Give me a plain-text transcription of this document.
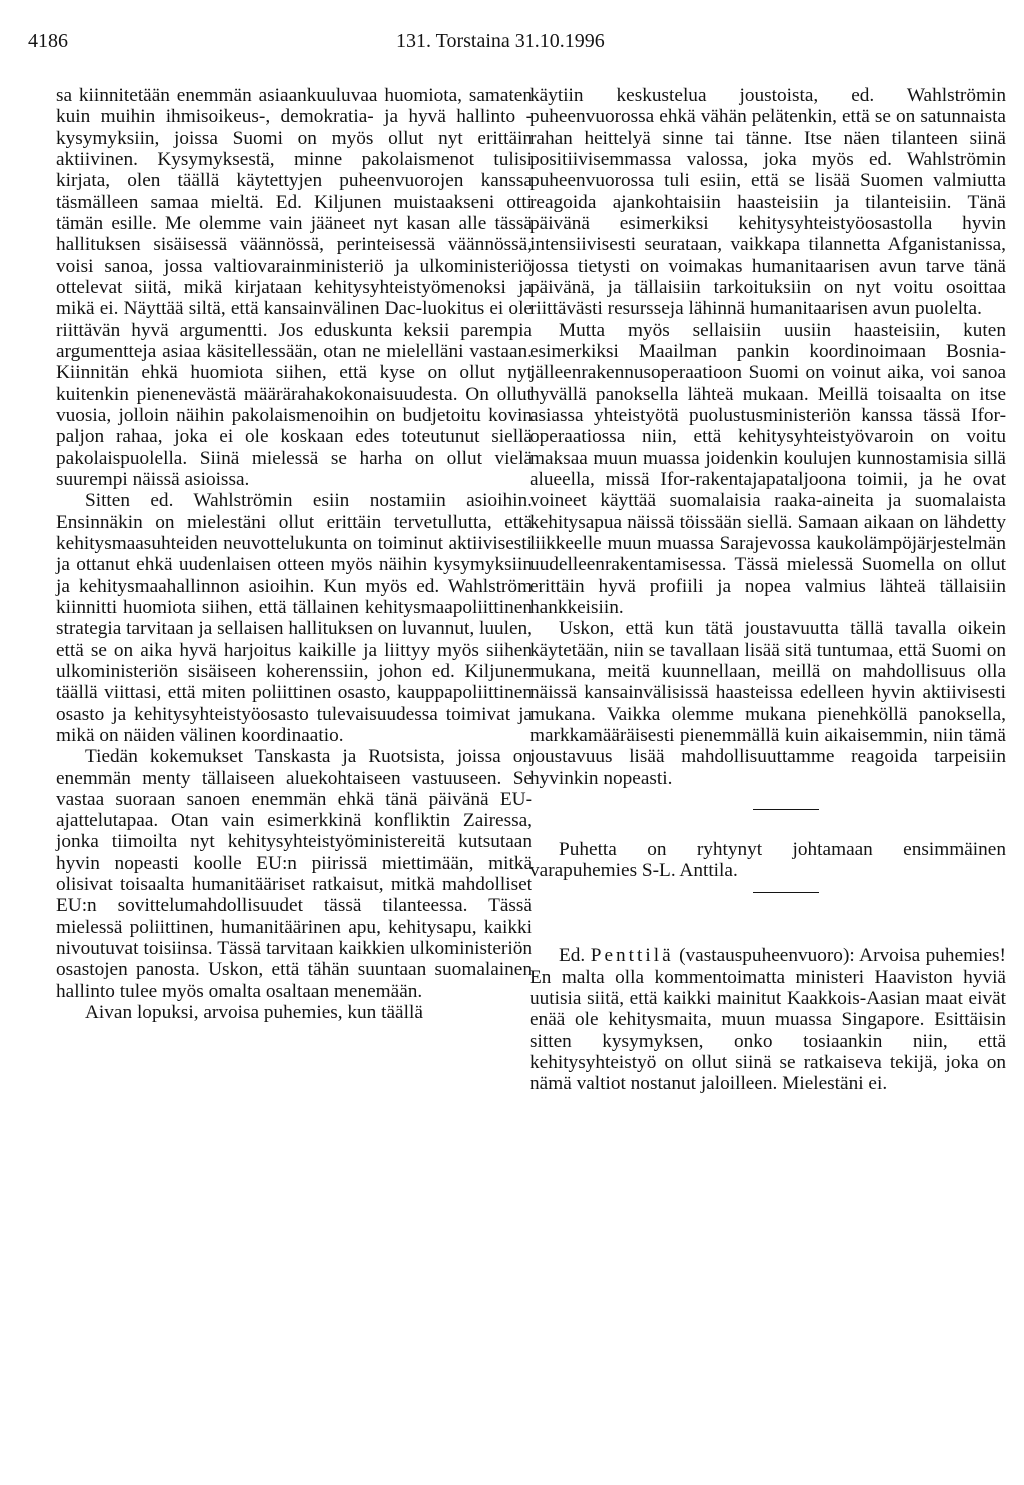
4186	131. Torstaina 31.10.1996

sa kiinnitetään enemmän asiaankuuluvaa huomiota, samaten kuin muihin ihmisoikeus-, demokratia- ja hyvä hallinto -kysymyksiin, joissa Suomi on myös ollut nyt erittäin aktiivinen. Kysymyksestä, minne pakolaismenot tulisi kirjata, olen täällä käytettyjen puheenvuorojen kanssa täsmälleen samaa mieltä. Ed. Kiljunen muistaakseni otti tämän esille. Me olemme vain jääneet nyt kasan alle tässä hallituksen sisäisessä väännössä, perinteisessä väännössä, voisi sanoa, jossa valtiovarainministeriö ja ulkoministeriö ottelevat siitä, mikä kirjataan kehitysyhteistyömenoksi ja mikä ei. Näyttää siltä, että kansainvälinen Dac-luokitus ei ole riittävän hyvä argumentti. Jos eduskunta keksii parempia argumentteja asiaa käsitellessään, otan ne mielelläni vastaan. Kiinnitän ehkä huomiota siihen, että kyse on ollut nyt kuitenkin pienenevästä määrärahakokonaisuudesta. On ollut vuosia, jolloin näihin pakolaismenoihin on budjetoitu kovin paljon rahaa, joka ei ole koskaan edes toteutunut siellä pakolaispuolella. Siinä mielessä se harha on ollut vielä suurempi näissä asioissa.

Sitten ed. Wahlströmin esiin nostamiin asioihin. Ensinnäkin on mielestäni ollut erittäin tervetullutta, että kehitysmaasuhteiden neuvottelukunta on toiminut aktiivisesti ja ottanut ehkä uudenlaisen otteen myös näihin kysymyksiin ja kehitysmaahallinnon asioihin. Kun myös ed. Wahlström kiinnitti huomiota siihen, että tällainen kehitysmaapoliittinen strategia tarvitaan ja sellaisen hallituksen on luvannut, luulen, että se on aika hyvä harjoitus kaikille ja liittyy myös siihen ulkoministeriön sisäiseen koherenssiin, johon ed. Kiljunen täällä viittasi, että miten poliittinen osasto, kauppapoliittinen osasto ja kehitysyhteistyöosasto tulevaisuudessa toimivat ja mikä on näiden välinen koordinaatio.

Tiedän kokemukset Tanskasta ja Ruotsista, joissa on enemmän menty tällaiseen aluekohtaiseen vastuuseen. Se vastaa suoraan sanoen enemmän ehkä tänä päivänä EU-ajattelutapaa. Otan vain esimerkkinä konfliktin Zairessa, jonka tiimoilta nyt kehitysyhteistyöministereitä kutsutaan hyvin nopeasti koolle EU:n piirissä miettimään, mitkä olisivat toisaalta humanitääriset ratkaisut, mitkä mahdolliset EU:n sovittelumahdollisuudet tässä tilanteessa. Tässä mielessä poliittinen, humanitäärinen apu, kehitysapu, kaikki nivoutuvat toisiinsa. Tässä tarvitaan kaikkien ulkoministeriön osastojen panosta. Uskon, että tähän suuntaan suomalainen hallinto tulee myös omalta osaltaan menemään.

Aivan lopuksi, arvoisa puhemies, kun täällä

käytiin keskustelua joustoista, ed. Wahlströmin puheenvuorossa ehkä vähän pelätenkin, että se on satunnaista rahan heittelyä sinne tai tänne. Itse näen tilanteen siinä positiivisemmassa valossa, joka myös ed. Wahlströmin puheenvuorossa tuli esiin, että se lisää Suomen valmiutta reagoida ajankohtaisiin haasteisiin ja tilanteisiin. Tänä päivänä esimerkiksi kehitysyhteistyöosastolla hyvin intensiivisesti seurataan, vaikkapa tilannetta Afganistanissa, jossa tietysti on voimakas humanitaarisen avun tarve tänä päivänä, ja tällaisiin tarkoituksiin on nyt voitu osoittaa riittävästi resursseja lähinnä humanitaarisen avun puolelta.

Mutta myös sellaisiin uusiin haasteisiin, kuten esimerkiksi Maailman pankin koordinoimaan Bosnia-jälleenrakennusoperaatioon Suomi on voinut aika, voi sanoa hyvällä panoksella lähteä mukaan. Meillä toisaalta on itse asiassa yhteistyötä puolustusministeriön kanssa tässä Ifor-operaatiossa niin, että kehitysyhteistyövaroin on voitu maksaa muun muassa joidenkin koulujen kunnostamisia sillä alueella, missä Ifor-rakentajapataljoona toimii, ja he ovat voineet käyttää suomalaisia raaka-aineita ja suomalaista kehitysapua näissä töissään siellä. Samaan aikaan on lähdetty liikkeelle muun muassa Sarajevossa kaukolämpöjärjestelmän uudelleenrakentamisessa. Tässä mielessä Suomella on ollut erittäin hyvä profiili ja nopea valmius lähteä tällaisiin hankkeisiin.

Uskon, että kun tätä joustavuutta tällä tavalla oikein käytetään, niin se tavallaan lisää sitä tuntumaa, että Suomi on mukana, meitä kuunnellaan, meillä on mahdollisuus olla näissä kansainvälisissä haasteissa edelleen hyvin aktiivisesti mukana. Vaikka olemme mukana pienehköllä panoksella, markkamääräisesti pienemmällä kuin aikaisemmin, niin tämä joustavuus lisää mahdollisuuttamme reagoida tarpeisiin hyvinkin nopeasti.

Puhetta on ryhtynyt johtamaan ensimmäinen varapuhemies S-L. Anttila.

Ed. Penttilä (vastauspuheenvuoro): Arvoisa puhemies! En malta olla kommentoimatta ministeri Haaviston hyviä uutisia siitä, että kaikki mainitut Kaakkois-Aasian maat eivät enää ole kehitysmaita, muun muassa Singapore. Esittäisin sitten kysymyksen, onko tosiaankin niin, että kehitysyhteistyö on ollut siinä se ratkaiseva tekijä, joka on nämä valtiot nostanut jaloilleen. Mielestäni ei.
